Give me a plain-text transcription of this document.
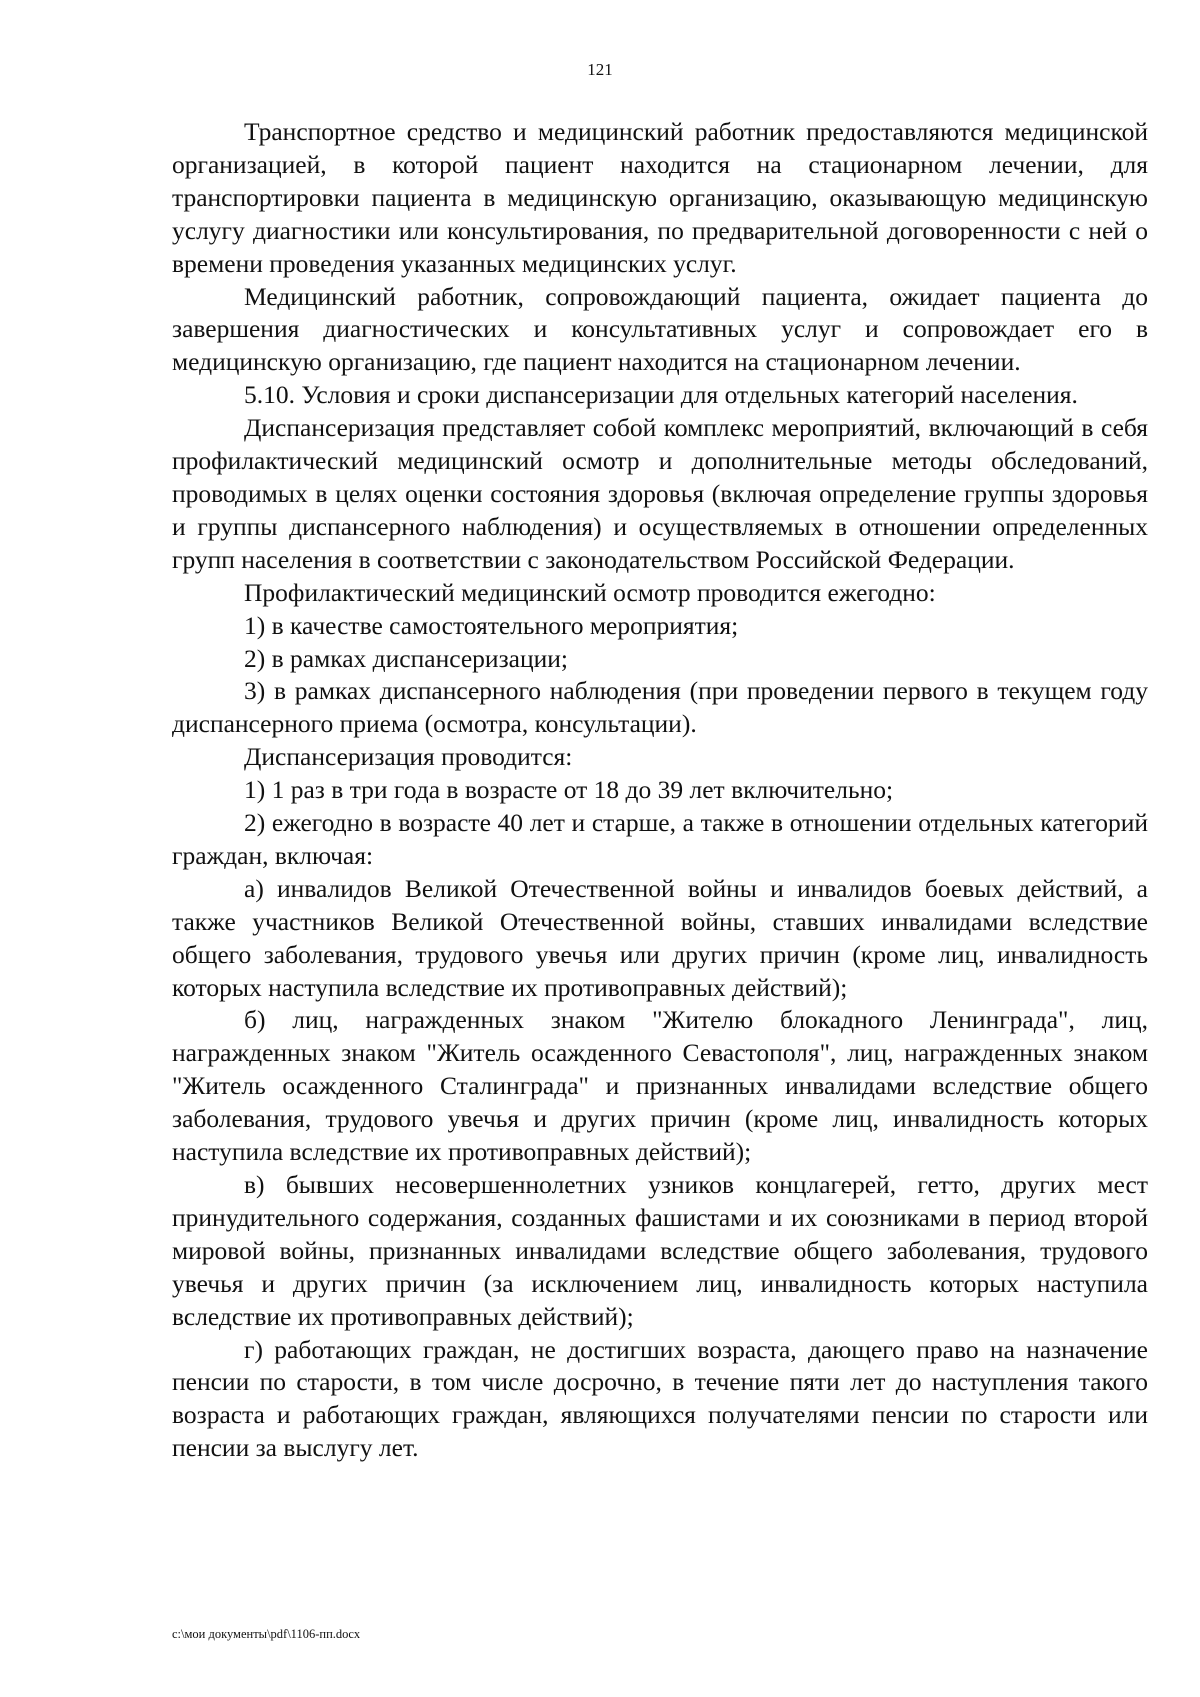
121

Транспортное средство и медицинский работник предоставляются медицинской организацией, в которой пациент находится на стационарном лечении, для транспортировки пациента в медицинскую организацию, оказывающую медицинскую услугу диагностики или консультирования, по предварительной договоренности с ней о времени проведения указанных медицинских услуг.

Медицинский работник, сопровождающий пациента, ожидает пациента до завершения диагностических и консультативных услуг и сопровождает его в медицинскую организацию, где пациент находится на стационарном лечении.

5.10. Условия и сроки диспансеризации для отдельных категорий населения.

Диспансеризация представляет собой комплекс мероприятий, включающий в себя профилактический медицинский осмотр и дополнительные методы обследований, проводимых в целях оценки состояния здоровья (включая определение группы здоровья и группы диспансерного наблюдения) и осуществляемых в отношении определенных групп населения в соответствии с законодательством Российской Федерации.

Профилактический медицинский осмотр проводится ежегодно:

1) в качестве самостоятельного мероприятия;

2) в рамках диспансеризации;

3) в рамках диспансерного наблюдения (при проведении первого в текущем году диспансерного приема (осмотра, консультации).

Диспансеризация проводится:

1) 1 раз в три года в возрасте от 18 до 39 лет включительно;

2) ежегодно в возрасте 40 лет и старше, а также в отношении отдельных категорий граждан, включая:

а) инвалидов Великой Отечественной войны и инвалидов боевых действий, а также участников Великой Отечественной войны, ставших инвалидами вследствие общего заболевания, трудового увечья или других причин (кроме лиц, инвалидность которых наступила вследствие их противоправных действий);

б) лиц, награжденных знаком "Жителю блокадного Ленинграда", лиц, награжденных знаком "Житель осажденного Севастополя", лиц, награжденных знаком "Житель осажденного Сталинграда" и признанных инвалидами вследствие общего заболевания, трудового увечья и других причин (кроме лиц, инвалидность которых наступила вследствие их противоправных действий);

в) бывших несовершеннолетних узников концлагерей, гетто, других мест принудительного содержания, созданных фашистами и их союзниками в период второй мировой войны, признанных инвалидами вследствие общего заболевания, трудового увечья и других причин (за исключением лиц, инвалидность которых наступила вследствие их противоправных действий);

г) работающих граждан, не достигших возраста, дающего право на назначение пенсии по старости, в том числе досрочно, в течение пяти лет до наступления такого возраста и работающих граждан, являющихся получателями пенсии по старости или пенсии за выслугу лет.

c:\мои документы\pdf\1106-пп.docx
